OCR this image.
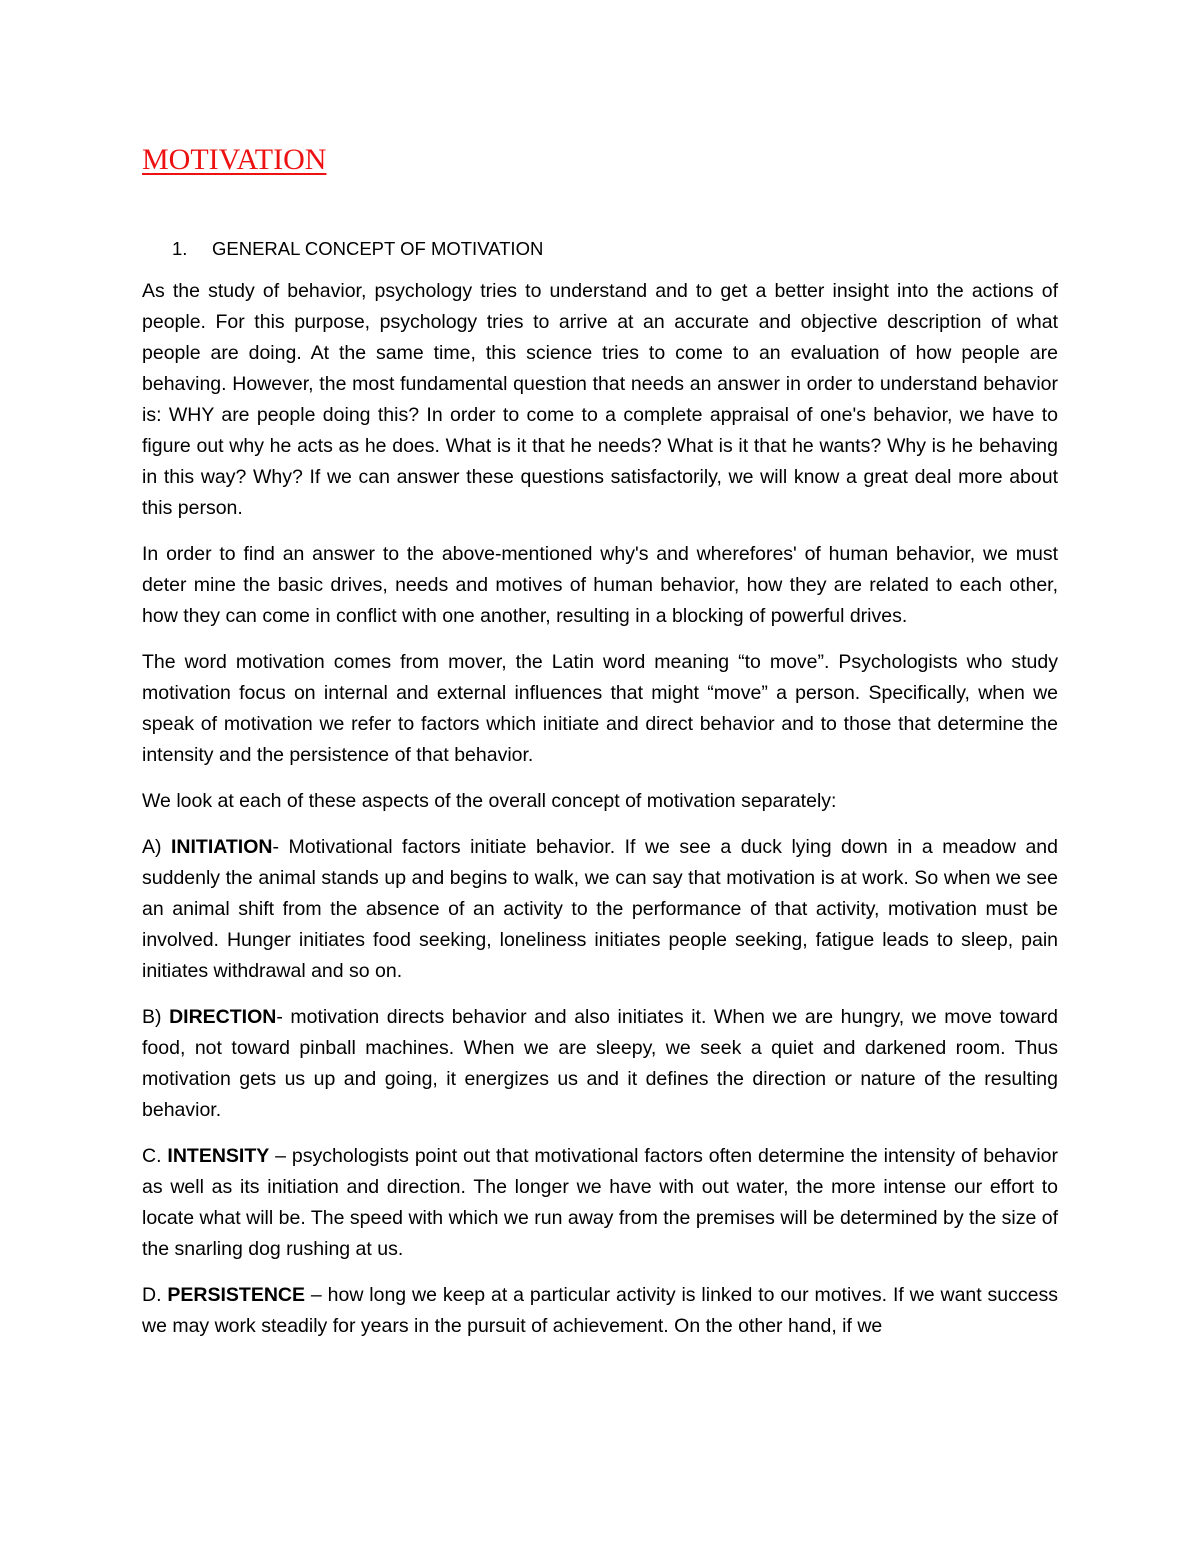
MOTIVATION
1.	GENERAL CONCEPT OF MOTIVATION

As the study of behavior, psychology tries to understand and to get a better insight into the actions of people. For this purpose, psychology tries to arrive at an accurate and objective description of what people are doing. At the same time, this science tries to come to an evaluation of how people are behaving. However, the most fundamental question that needs an answer in order to understand behavior is: WHY are people doing this? In order to come to a complete appraisal of one's behavior, we have to figure out why he acts as he does. What is it that he needs? What is it that he wants? Why is he behaving in this way? Why? If we can answer these questions satisfactorily, we will know a great deal more about this person.

In order to find an answer to the above-mentioned why's and wherefores' of human behavior, we must deter mine the basic drives, needs and motives of human behavior, how they are related to each other, how they can come in conflict with one another, resulting in a blocking of powerful drives.

The word motivation comes from mover, the Latin word meaning “to move”. Psychologists who study motivation focus on internal and external influences that might “move” a person. Specifically, when we speak of motivation we refer to factors which initiate and direct behavior and to those that determine the intensity and the persistence of that behavior.

We look at each of these aspects of the overall concept of motivation separately:

A) INITIATION- Motivational factors initiate behavior. If we see a duck lying down in a meadow and suddenly the animal stands up and begins to walk, we can say that motivation is at work. So when we see an animal shift from the absence of an activity to the performance of that activity, motivation must be involved. Hunger initiates food seeking, loneliness initiates people seeking, fatigue leads to sleep, pain initiates withdrawal and so on.

B) DIRECTION- motivation directs behavior and also initiates it. When we are hungry, we move toward food, not toward pinball machines. When we are sleepy, we seek a quiet and darkened room. Thus motivation gets us up and going, it energizes us and it defines the direction or nature of the resulting behavior.

C. INTENSITY – psychologists point out that motivational factors often determine the intensity of behavior as well as its initiation and direction. The longer we have with out water, the more intense our effort to locate what will be. The speed with which we run away from the premises will be determined by the size of the snarling dog rushing at us.

D. PERSISTENCE – how long we keep at a particular activity is linked to our motives. If we want success we may work steadily for years in the pursuit of achievement. On the other hand, if we
